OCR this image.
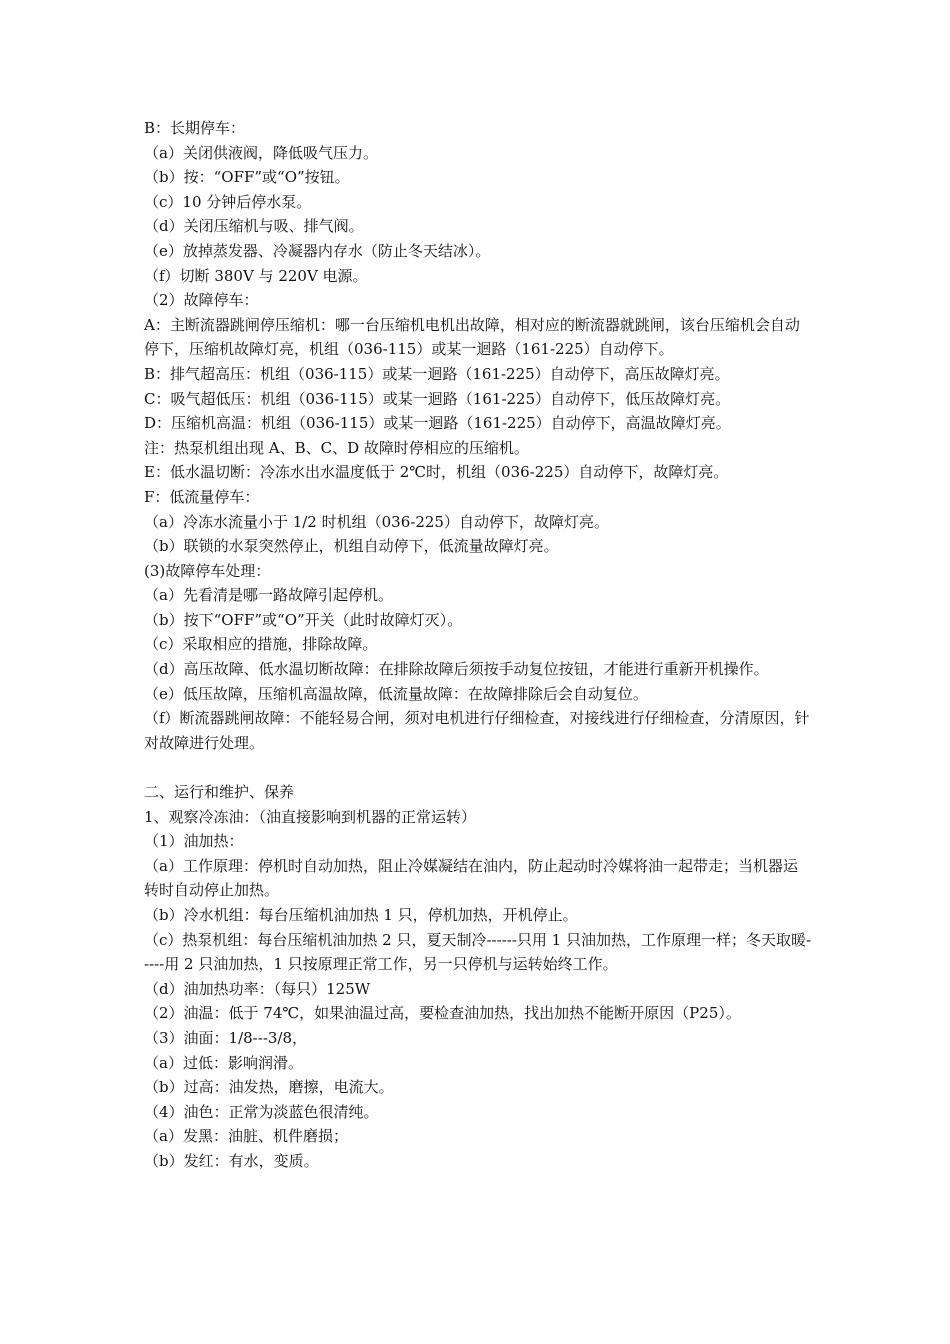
B：长期停车：

（a）关闭供液阀，降低吸气压力。

（b）按：“OFF”或“O”按钮。

（c）10 分钟后停水泵。

（d）关闭压缩机与吸、排气阀。

（e）放掉蒸发器、冷凝器内存水（防止冬天结冰）。

（f）切断 380V 与 220V 电源。

（2）故障停车：

A：主断流器跳闸停压缩机：哪一台压缩机电机出故障，相对应的断流器就跳闸，该台压缩机会自动停下，压缩机故障灯亮，机组（036-115）或某一迴路（161-225）自动停下。

B：排气超高压：机组（036-115）或某一迴路（161-225）自动停下，高压故障灯亮。

C：吸气超低压：机组（036-115）或某一迴路（161-225）自动停下，低压故障灯亮。

D：压缩机高温：机组（036-115）或某一迴路（161-225）自动停下，高温故障灯亮。

注：热泵机组出现 A、B、C、D 故障时停相应的压缩机。

E：低水温切断：冷冻水出水温度低于 2℃时，机组（036-225）自动停下，故障灯亮。

F：低流量停车：

（a）冷冻水流量小于 1/2 时机组（036-225）自动停下，故障灯亮。

（b）联锁的水泵突然停止，机组自动停下，低流量故障灯亮。

(3)故障停车处理：

（a）先看清是哪一路故障引起停机。

（b）按下“OFF”或“O”开关（此时故障灯灭）。

（c）采取相应的措施，排除故障。

（d）高压故障、低水温切断故障：在排除故障后须按手动复位按钮，才能进行重新开机操作。

（e）低压故障，压缩机高温故障，低流量故障：在故障排除后会自动复位。

（f）断流器跳闸故障：不能轻易合闸，须对电机进行仔细检查，对接线进行仔细检查，分清原因，针对故障进行处理。

二、运行和维护、保养

1、观察冷冻油：（油直接影响到机器的正常运转）

（1）油加热：

（a）工作原理：停机时自动加热，阻止冷媒凝结在油内，防止起动时冷媒将油一起带走；当机器运转时自动停止加热。

（b）冷水机组：每台压缩机油加热 1 只，停机加热，开机停止。

（c）热泵机组：每台压缩机油加热 2 只，夏天制冷------只用 1 只油加热，工作原理一样；冬天取暖-----用 2 只油加热，1 只按原理正常工作，另一只停机与运转始终工作。

（d）油加热功率：（每只）125W

（2）油温：低于 74℃，如果油温过高，要检查油加热，找出加热不能断开原因（P25）。

（3）油面：1/8---3/8，

（a）过低：影响润滑。

（b）过高：油发热，磨擦，电流大。

（4）油色：正常为淡蓝色很清纯。

（a）发黑：油脏、机件磨损；

（b）发红：有水，变质。
